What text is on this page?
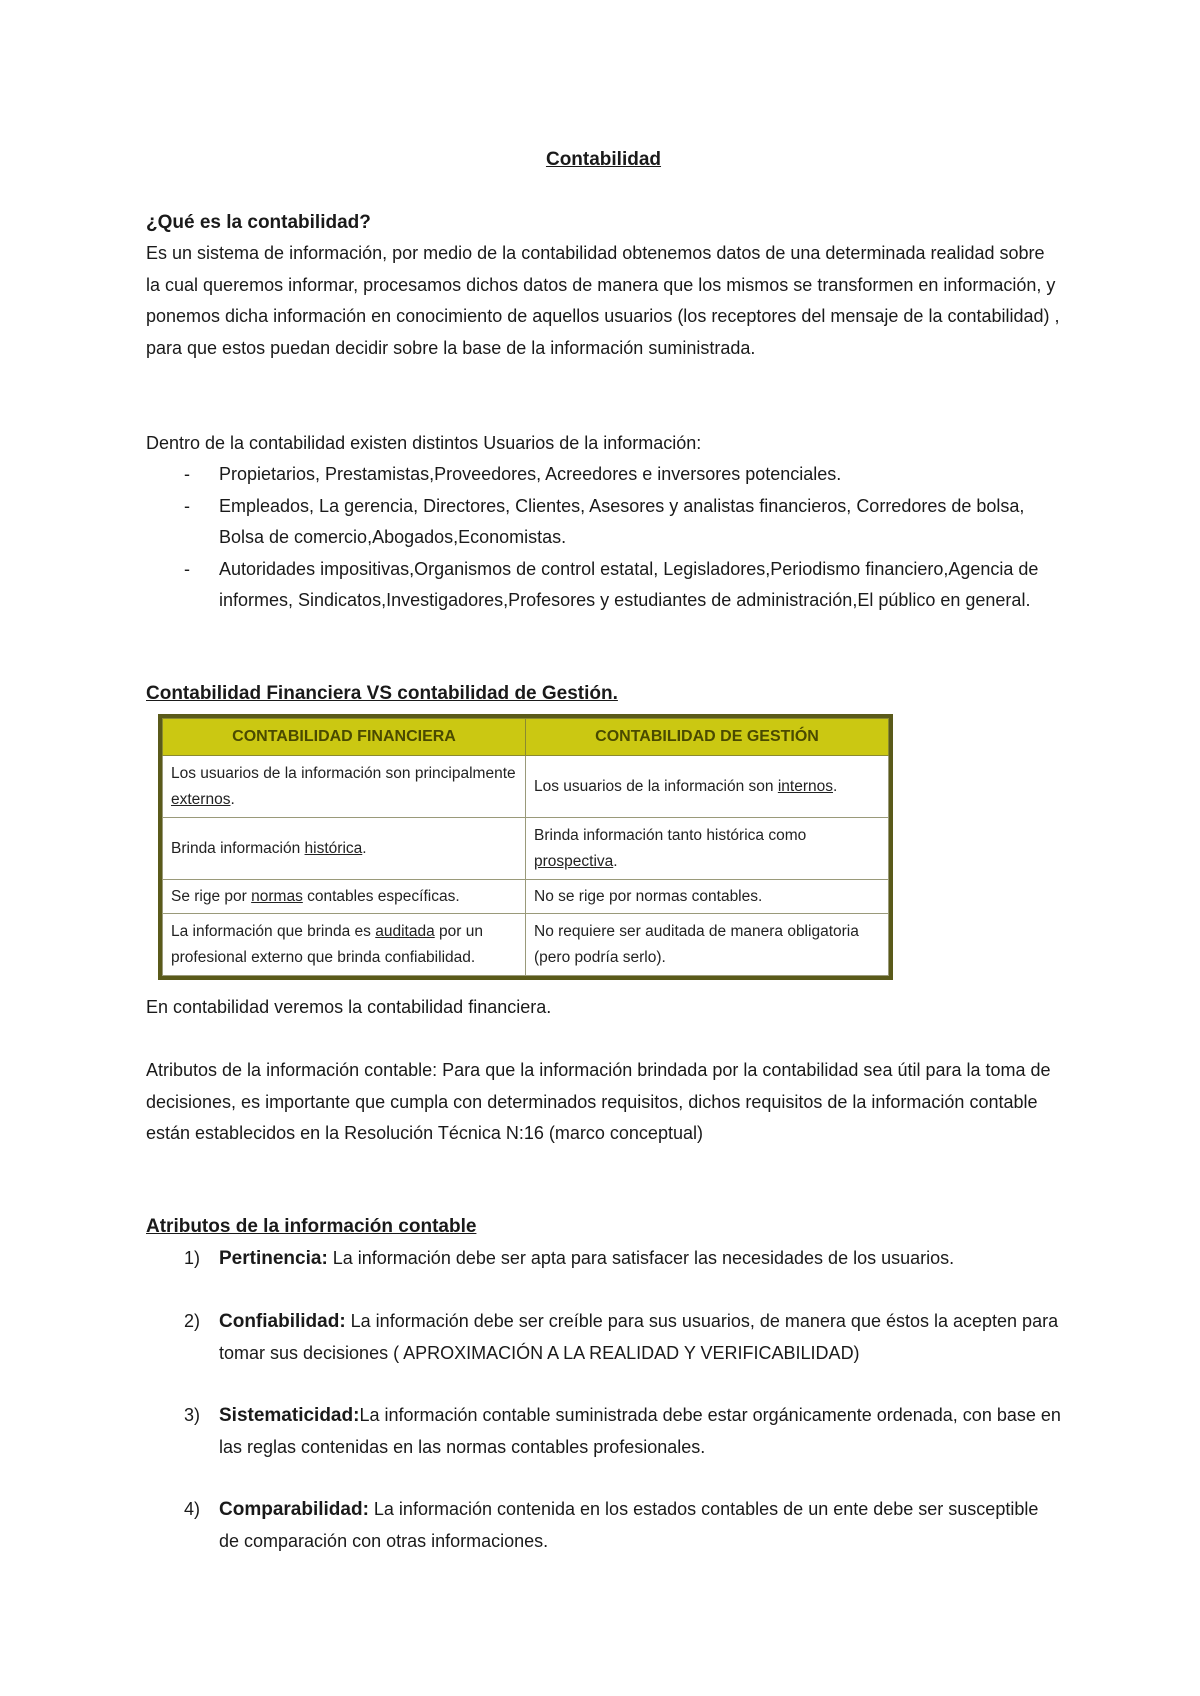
Contabilidad
¿Qué es la contabilidad?

Es un sistema de información, por medio de la contabilidad obtenemos datos de una determinada realidad sobre la cual queremos informar, procesamos dichos datos de manera que los mismos se transformen en información, y ponemos dicha información en conocimiento de aquellos usuarios (los receptores del mensaje de la contabilidad) , para que estos puedan decidir sobre la base de la información suministrada.

Dentro de la contabilidad existen distintos Usuarios de la información:

- Propietarios, Prestamistas,Proveedores, Acreedores e inversores potenciales.
- Empleados, La gerencia, Directores, Clientes, Asesores y analistas financieros, Corredores de bolsa, Bolsa de comercio,Abogados,Economistas.
- Autoridades impositivas,Organismos de control estatal, Legisladores,Periodismo financiero,Agencia de informes, Sindicatos,Investigadores,Profesores y estudiantes de administración,El público en general.
Contabilidad Financiera VS contabilidad de Gestión.
CONTABILIDAD FINANCIERA	CONTABILIDAD DE GESTIÓN
Los usuarios de la información son principalmente externos.	Los usuarios de la información son internos.
Brinda información histórica.	Brinda información tanto histórica como prospectiva.
Se rige por normas contables específicas.	No se rige por normas contables.
La información que brinda es auditada por un profesional externo que brinda confiabilidad.	No requiere ser auditada de manera obligatoria (pero podría serlo).

En contabilidad veremos la contabilidad financiera.

Atributos de la información contable: Para que la información brindada por la contabilidad sea útil para la toma de decisiones, es importante que cumpla con determinados requisitos, dichos requisitos de la información contable están establecidos en la Resolución Técnica N:16 (marco conceptual)

Atributos de la información contable
1) Pertinencia: La información debe ser apta para satisfacer las necesidades de los usuarios.
2) Confiabilidad: La información debe ser creíble para sus usuarios, de manera que éstos la acepten para tomar sus decisiones ( APROXIMACIÓN A LA REALIDAD Y VERIFICABILIDAD)
3) Sistematicidad:La información contable suministrada debe estar orgánicamente ordenada, con base en las reglas contenidas en las normas contables profesionales.
4) Comparabilidad: La información contenida en los estados contables de un ente debe ser susceptible de comparación con otras informaciones.
